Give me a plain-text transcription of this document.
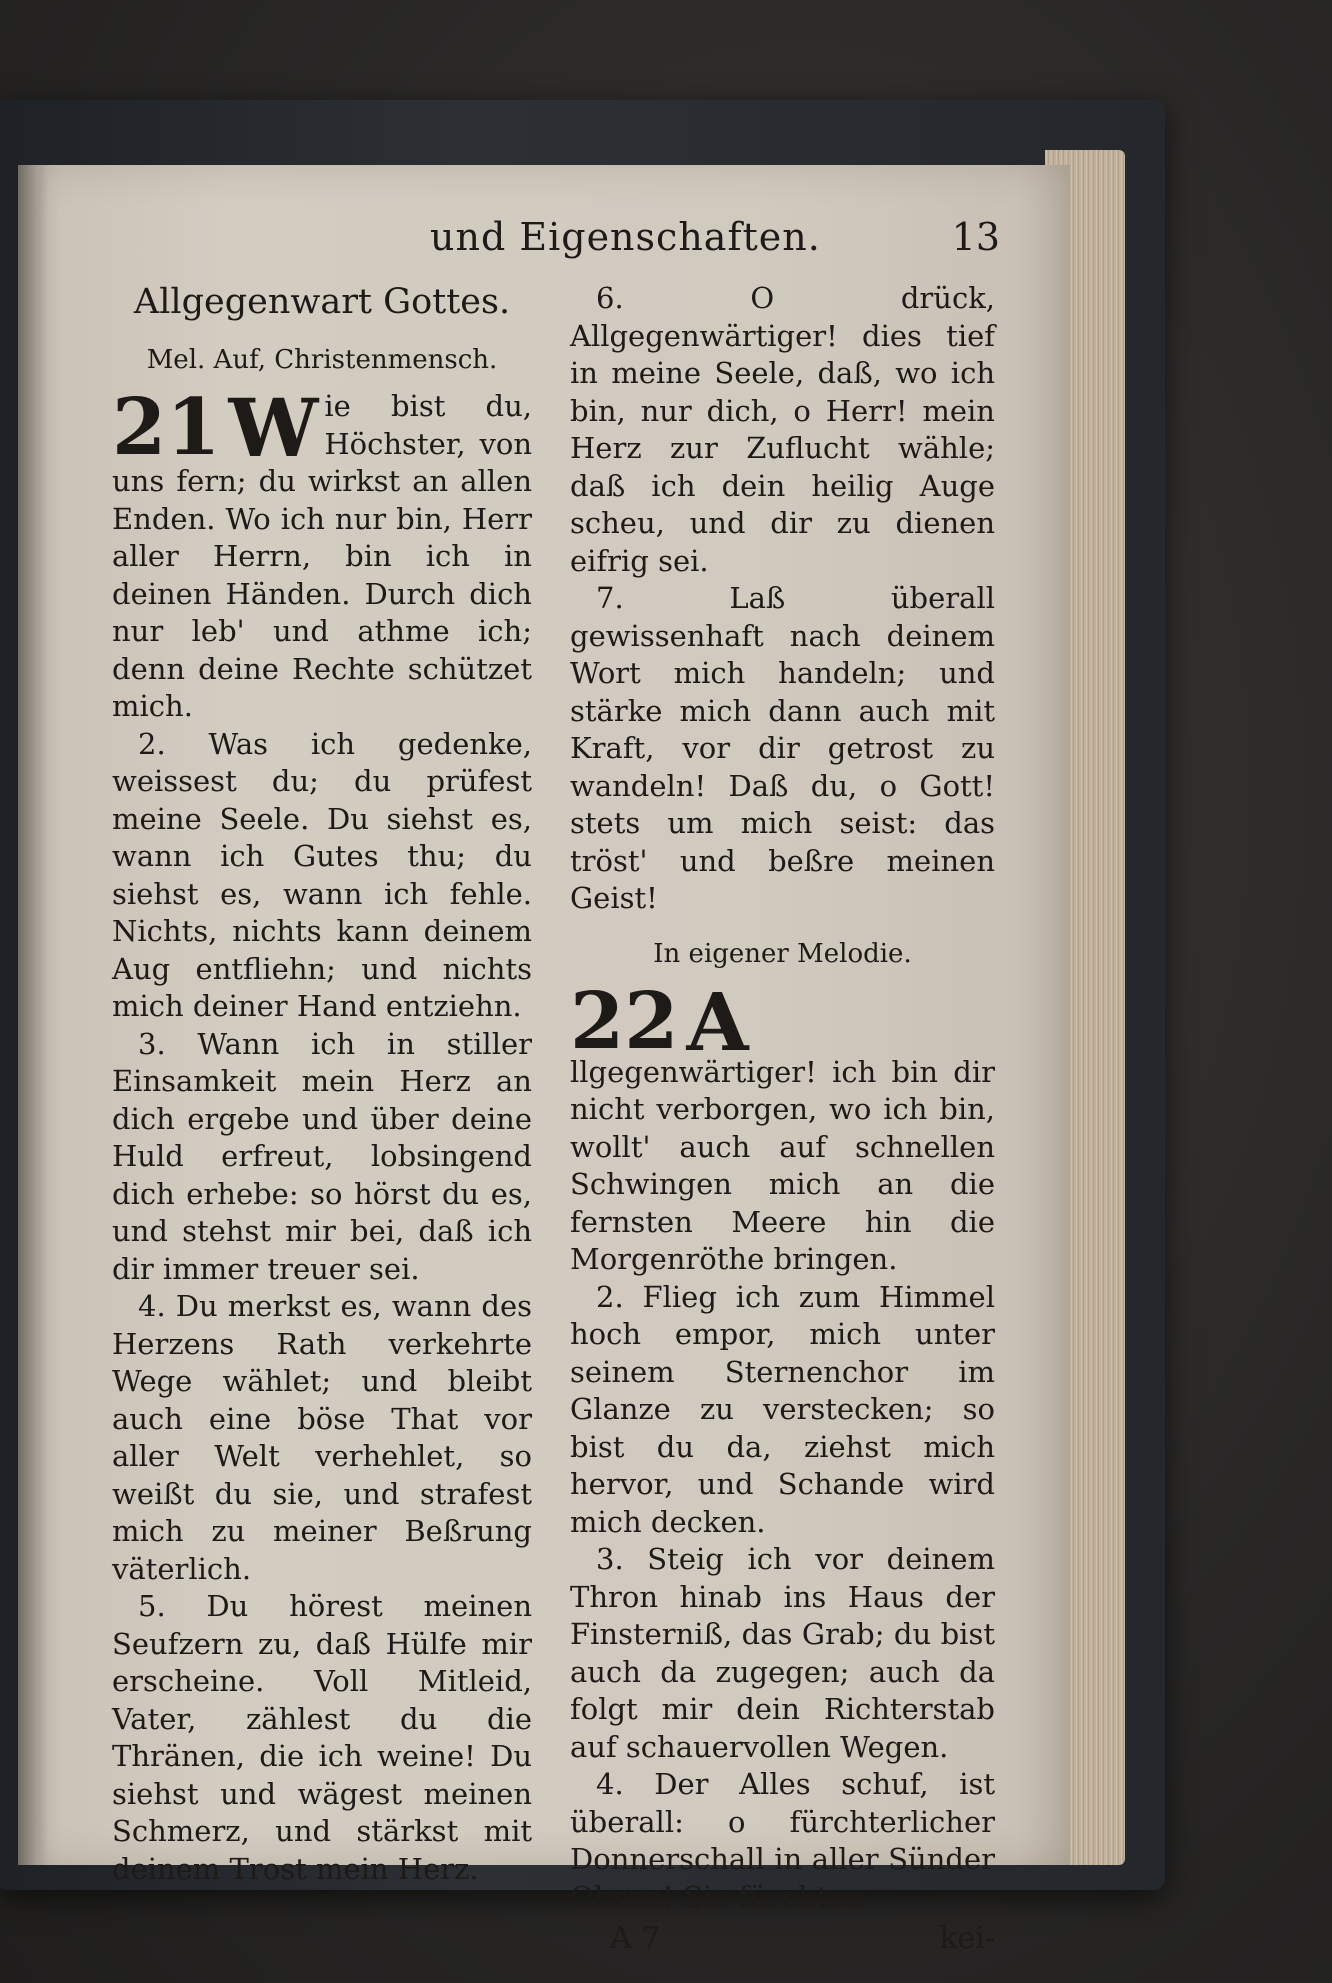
und Eigenschaften.	13
Allgegenwart Gottes.
Mel. Auf, Christenmensch.

21 W ie bist du, Höchster, von uns fern; du wirkst an allen Enden. Wo ich nur bin, Herr aller Herrn, bin ich in deinen Händen. Durch dich nur leb' und athme ich; denn deine Rechte schützet mich.

2. Was ich gedenke, weissest du; du prüfest meine Seele. Du siehst es, wann ich Gutes thu; du siehst es, wann ich fehle. Nichts, nichts kann deinem Aug entfliehn; und nichts mich deiner Hand entziehn.

3. Wann ich in stiller Einsamkeit mein Herz an dich ergebe und über deine Huld erfreut, lobsingend dich erhebe: so hörst du es, und stehst mir bei, daß ich dir immer treuer sei.

4. Du merkst es, wann des Herzens Rath verkehrte Wege wählet; und bleibt auch eine böse That vor aller Welt verhehlet, so weißt du sie, und strafest mich zu meiner Beßrung väterlich.

5. Du hörest meinen Seufzern zu, daß Hülfe mir erscheine. Voll Mitleid, Vater, zählest du die Thränen, die ich weine! Du siehst und wägest meinen Schmerz, und stärkst mit deinem Trost mein Herz.

6. O drück, Allgegenwärtiger! dies tief in meine Seele, daß, wo ich bin, nur dich, o Herr! mein Herz zur Zuflucht wähle; daß ich dein heilig Auge scheu, und dir zu dienen eifrig sei.

7. Laß überall gewissenhaft nach deinem Wort mich handeln; und stärke mich dann auch mit Kraft, vor dir getrost zu wandeln! Daß du, o Gott! stets um mich seist: das tröst' und beßre meinen Geist!

In eigener Melodie.

22 A
llgegenwärtiger! ich bin dir nicht verborgen, wo ich bin, wollt' auch auf schnellen Schwingen mich an die fernsten Meere hin die Morgenröthe bringen.

2. Flieg ich zum Himmel hoch empor, mich unter seinem Sternenchor im Glanze zu verstecken; so bist du da, ziehst mich hervor, und Schande wird mich decken.

3. Steig ich vor deinem Thron hinab ins Haus der Finsterniß, das Grab; du bist auch da zugegen; auch da folgt mir dein Richterstab auf schauervollen Wegen.

4. Der Alles schuf, ist überall: o fürchterlicher Donnerschall in aller Sünder Ohren! Sie fürchten

A 7	kei-
